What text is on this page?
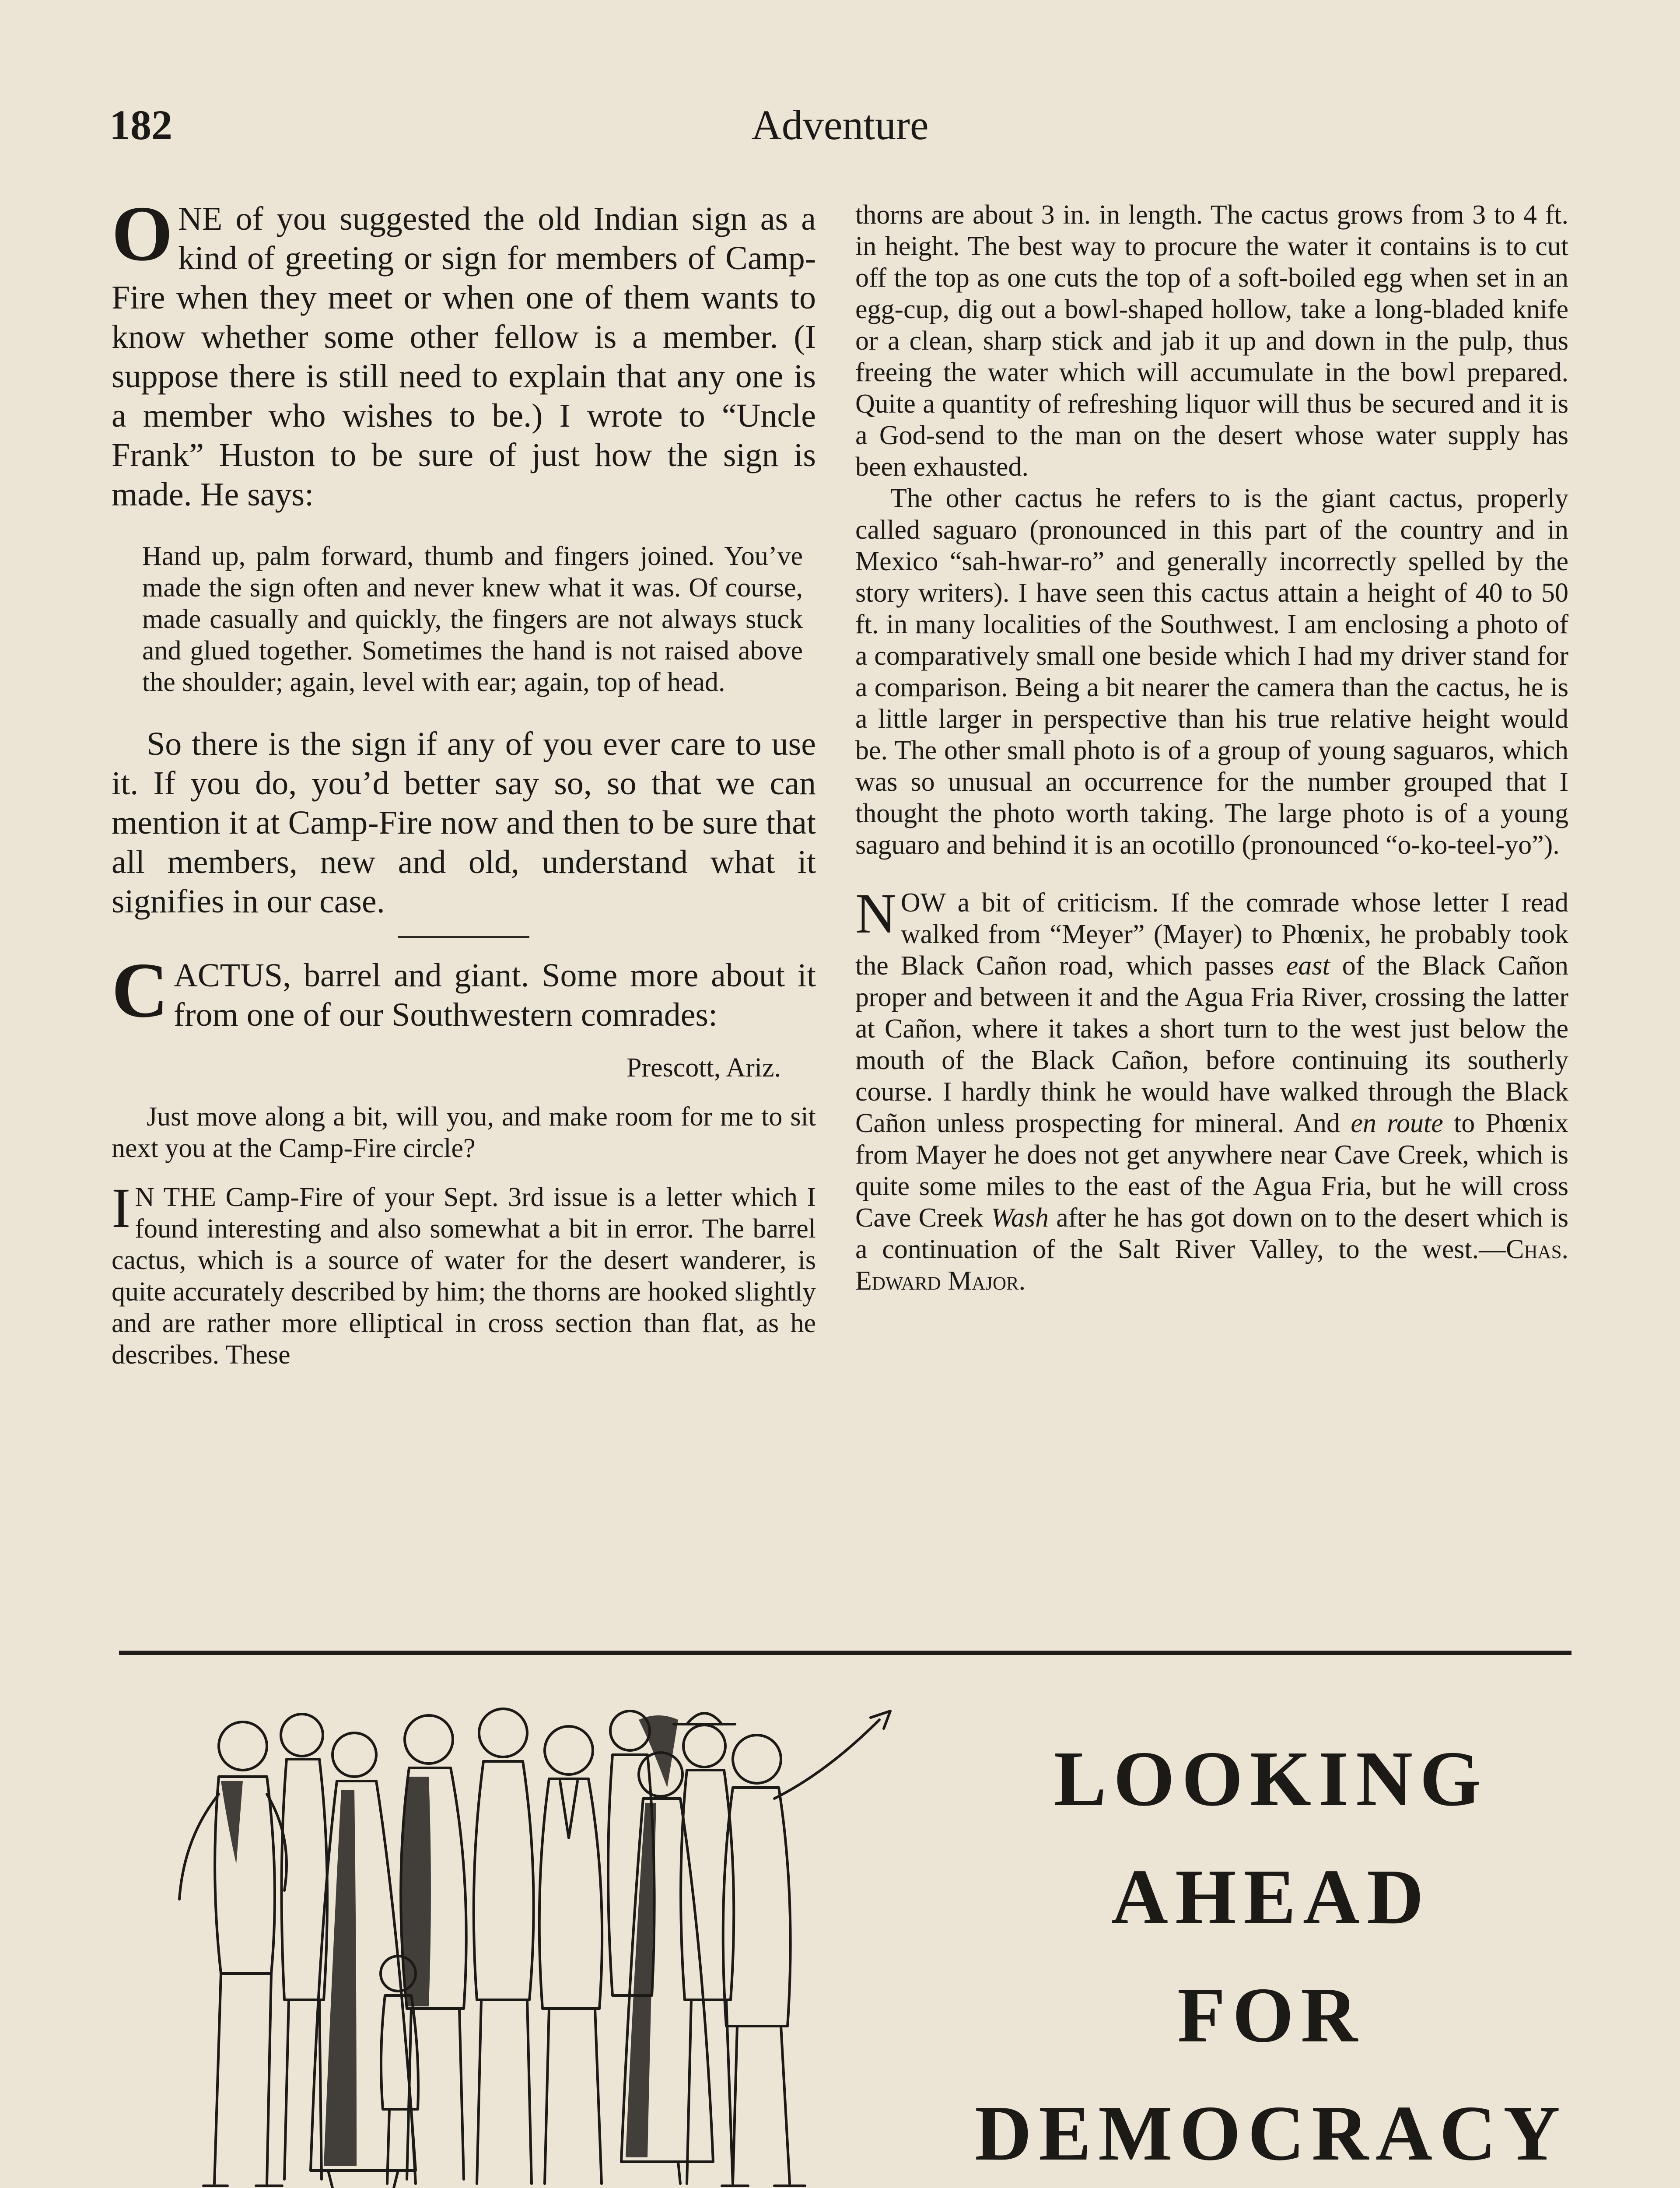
Adventure
182

ONE of you suggested the old Indian sign as a kind of greeting or sign for members of Camp-Fire when they meet or when one of them wants to know whether some other fellow is a member. (I suppose there is still need to explain that any one is a member who wishes to be.) I wrote to “Uncle Frank” Huston to be sure of just how the sign is made. He says:

Hand up, palm forward, thumb and fingers joined. You’ve made the sign often and never knew what it was. Of course, made casually and quickly, the fingers are not always stuck and glued together. Sometimes the hand is not raised above the shoulder; again, level with ear; again, top of head.

So there is the sign if any of you ever care to use it. If you do, you’d better say so, so that we can mention it at Camp-Fire now and then to be sure that all members, new and old, understand what it signifies in our case.

CACTUS, barrel and giant. Some more about it from one of our Southwestern comrades:

Prescott, Ariz.

Just move along a bit, will you, and make room for me to sit next you at the Camp-Fire circle?

I N THE Camp-Fire of your Sept. 3rd issue is a letter which I found interesting and also somewhat a bit in error. The barrel cactus, which is a source of water for the desert wanderer, is quite accurately described by him; the thorns are hooked slightly and are rather more elliptical in cross section than flat, as he describes. These

thorns are about 3 in. in length. The cactus grows from 3 to 4 ft. in height. The best way to procure the water it contains is to cut off the top as one cuts the top of a soft-boiled egg when set in an egg-cup, dig out a bowl-shaped hollow, take a long-bladed knife or a clean, sharp stick and jab it up and down in the pulp, thus freeing the water which will accumulate in the bowl prepared. Quite a quantity of refreshing liquor will thus be secured and it is a God-send to the man on the desert whose water supply has been exhausted.

The other cactus he refers to is the giant cactus, properly called saguaro (pronounced in this part of the country and in Mexico “sah-hwar-ro” and generally incorrectly spelled by the story writers). I have seen this cactus attain a height of 40 to 50 ft. in many localities of the Southwest. I am enclosing a photo of a comparatively small one beside which I had my driver stand for a comparison. Being a bit nearer the camera than the cactus, he is a little larger in perspective than his true relative height would be. The other small photo is of a group of young saguaros, which was so unusual an occurrence for the number grouped that I thought the photo worth taking. The large photo is of a young saguaro and behind it is an ocotillo (pronounced “o-ko-teel-yo”).

NOW a bit of criticism. If the comrade whose letter I read walked from “Meyer” (Mayer) to Phœnix, he probably took the Black Cañon road, which passes east of the Black Cañon proper and between it and the Agua Fria River, crossing the latter at Cañon, where it takes a short turn to the west just below the mouth of the Black Cañon, before continuing its southerly course. I hardly think he would have walked through the Black Cañon unless prospecting for mineral. And en route to Phœnix from Mayer he does not get anywhere near Cave Creek, which is quite some miles to the east of the Agua Fria, but he will cross Cave Creek Wash after he has got down on to the desert which is a continuation of the Salt River Valley, to the west.—Chas. Edward Major.

LOOKING
AHEAD
FOR
DEMOCRACY
